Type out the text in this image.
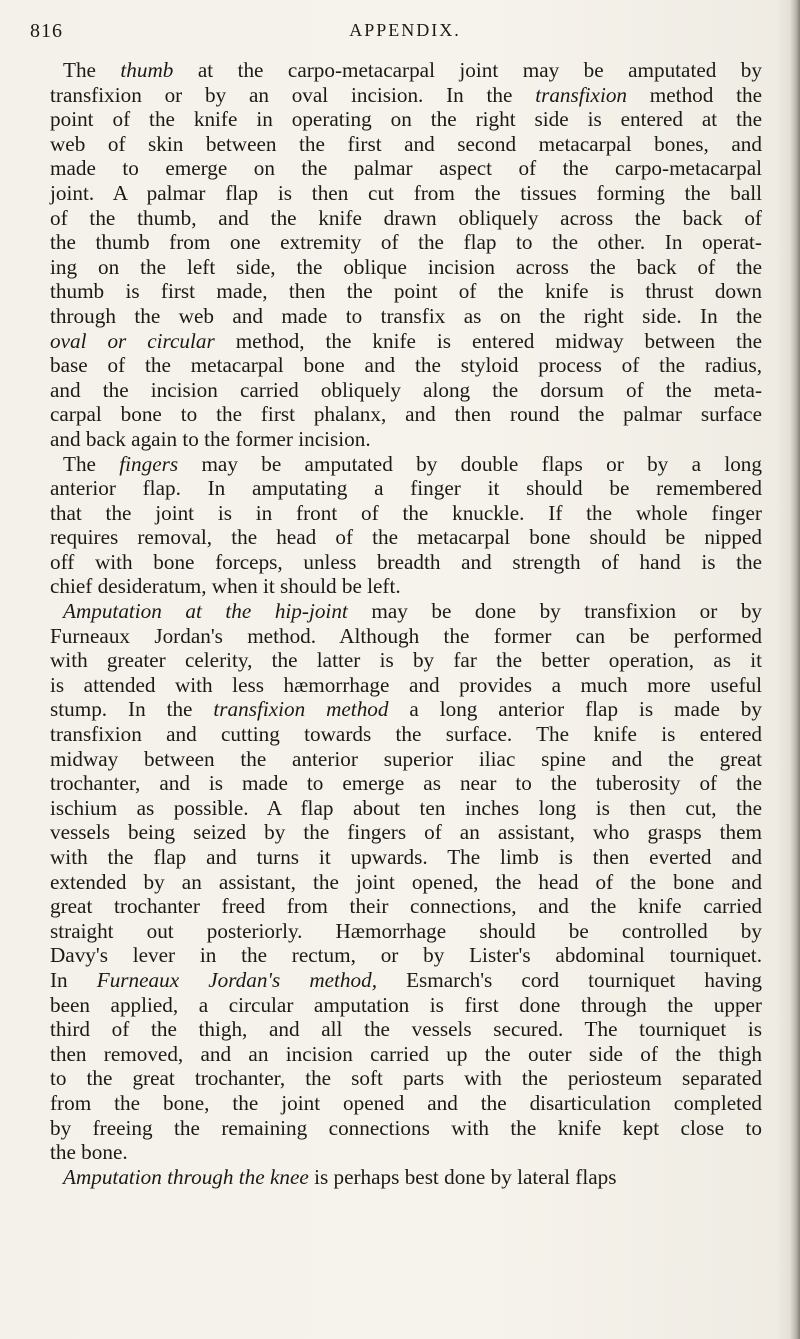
816	APPENDIX.
The thumb at the carpo-metacarpal joint may be amputated by
transfixion or by an oval incision. In the transfixion method the
point of the knife in operating on the right side is entered at the
web of skin between the first and second metacarpal bones, and
made to emerge on the palmar aspect of the carpo-metacarpal
joint. A palmar flap is then cut from the tissues forming the ball
of the thumb, and the knife drawn obliquely across the back of
the thumb from one extremity of the flap to the other. In operat-
ing on the left side, the oblique incision across the back of the
thumb is first made, then the point of the knife is thrust down
through the web and made to transfix as on the right side. In the
oval or circular method, the knife is entered midway between the
base of the metacarpal bone and the styloid process of the radius,
and the incision carried obliquely along the dorsum of the meta-
carpal bone to the first phalanx, and then round the palmar surface
and back again to the former incision.
The fingers may be amputated by double flaps or by a long
anterior flap. In amputating a finger it should be remembered
that the joint is in front of the knuckle. If the whole finger
requires removal, the head of the metacarpal bone should be nipped
off with bone forceps, unless breadth and strength of hand is the
chief desideratum, when it should be left.
Amputation at the hip-joint may be done by transfixion or by
Furneaux Jordan's method. Although the former can be performed
with greater celerity, the latter is by far the better operation, as it
is attended with less hæmorrhage and provides a much more useful
stump. In the transfixion method a long anterior flap is made by
transfixion and cutting towards the surface. The knife is entered
midway between the anterior superior iliac spine and the great
trochanter, and is made to emerge as near to the tuberosity of the
ischium as possible. A flap about ten inches long is then cut, the
vessels being seized by the fingers of an assistant, who grasps them
with the flap and turns it upwards. The limb is then everted and
extended by an assistant, the joint opened, the head of the bone and
great trochanter freed from their connections, and the knife carried
straight out posteriorly. Hæmorrhage should be controlled by
Davy's lever in the rectum, or by Lister's abdominal tourniquet.
In Furneaux Jordan's method, Esmarch's cord tourniquet having
been applied, a circular amputation is first done through the upper
third of the thigh, and all the vessels secured. The tourniquet is
then removed, and an incision carried up the outer side of the thigh
to the great trochanter, the soft parts with the periosteum separated
from the bone, the joint opened and the disarticulation completed
by freeing the remaining connections with the knife kept close to
the bone.
Amputation through the knee is perhaps best done by lateral flaps
